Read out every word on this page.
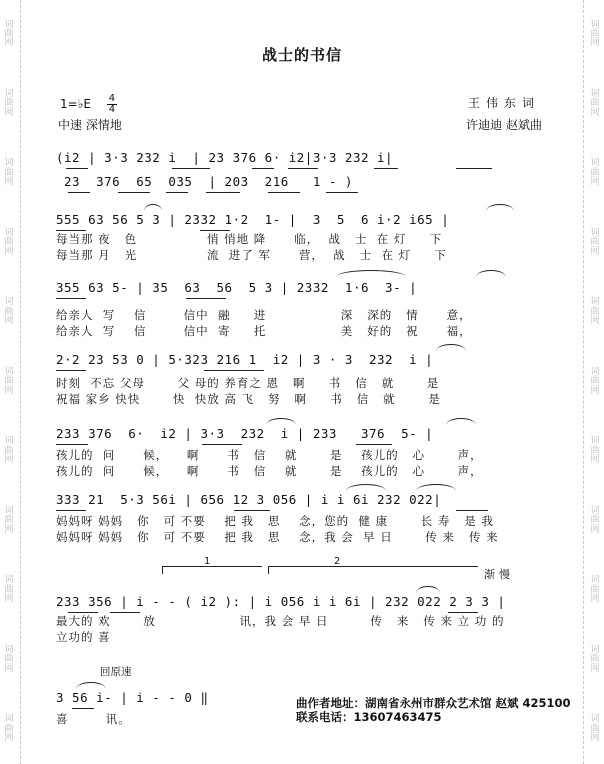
词
曲
网
词
曲
网
词
曲
网
词
曲
网
词
曲
网
词
曲
网
词
曲
网
词
曲
网
词
曲
网
词
曲
网
词
曲
网
词
曲
网
词
曲
网
词
曲
网
词
曲
网
词
曲
网
词
曲
网
词
曲
网
词
曲
网
词
曲
网
词
曲
网
词
曲
网
战士的书信
1=♭E $\frac{4}{4}$
中速 深情地
王伟东词
许迪迪 赵斌曲
(i2 | 3·3 232 i  | 23 376 6· i2|3·3 232 i|
23  376  65  035  | 203  216   1 - )
555 63 56 5 3 | 2332 1·2  1- |  3  5  6 i·2 i65 |
每当那 夜   色               悄 悄地 降      临，  战   士  在 灯     下
每当那 月   光               流  进了 军      营，  战   士  在 灯     下
355 63 5- | 35  63  56  5 3 | 2332  1·6  3- |
给亲人  写    信        信中  融     进                深   深的   情      意，
给亲人  写    信        信中  寄     托                美   好的   祝      福，
2·2 23 53 0 | 5·323 216 1  i2 | 3 · 3  232  i |
时刻  不忘 父母       父 母的 养育之 恩   啊     书   信   就       是
祝福 家乡 快快       快  快放 高 飞   努   啊     书   信   就       是
233 376  6·  i2 | 3·3  232  i | 233   376  5- |
孩儿的  问      候，    啊      书   信    就       是    孩儿的   心       声，
孩儿的  问      候，    啊      书   信    就       是    孩儿的   心       声，
333 21  5·3 56i | 656 12 3 056 | i i 6i 232 022|
妈妈呀 妈妈   你   可 不要    把 我   思    念，您的  健 康       长 寿   是 我
妈妈呀 妈妈   你   可 不要    把 我   思    念，我 会  早 日       传 来   传 来
1	2
渐慢
233 356 | i - - ( i2 ): | i 056 i i 6i | 232 022 2 3 3 |
最大的 欢       放                  讯，我 会 早 日         传   来   传 来 立 功 的
立功的 喜
回原速
3 56 i- | i - - 0 ‖
喜        讯。
曲作者地址：湖南省永州市群众艺术馆 赵斌 425100
联系电话：13607463475
